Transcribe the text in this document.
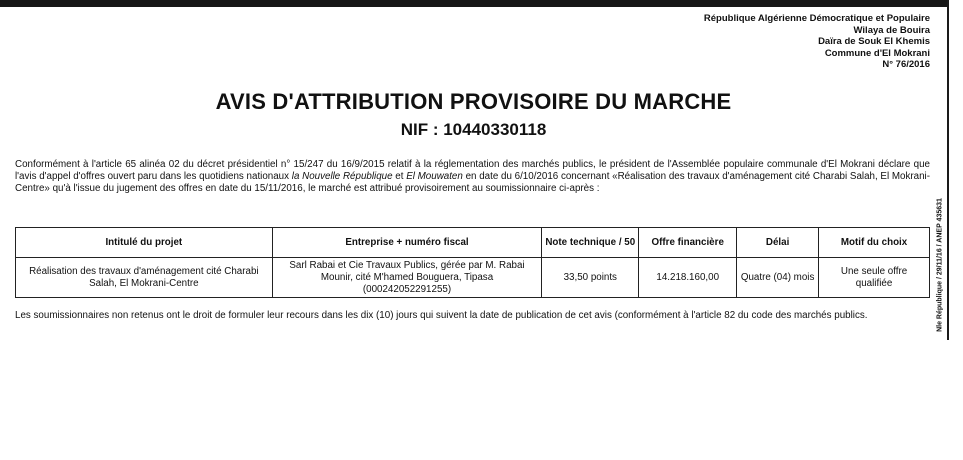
République Algérienne Démocratique et Populaire
Wilaya de Bouira
Daïra de Souk El Khemis
Commune d'El Mokrani
N° 76/2016
AVIS D'ATTRIBUTION PROVISOIRE DU MARCHE
NIF : 10440330118
Conformément à l'article 65 alinéa 02 du décret présidentiel n° 15/247 du 16/9/2015 relatif à la réglementation des marchés publics, le président de l'Assemblée populaire communale d'El Mokrani déclare que l'avis d'appel d'offres ouvert paru dans les quotidiens nationaux la Nouvelle République et El Mouwaten en date du 6/10/2016 concernant «Réalisation des travaux d'aménagement cité Charabi Salah, El Mokrani-Centre» qu'à l'issue du jugement des offres en date du 15/11/2016, le marché est attribué provisoirement au soumissionnaire ci-après :
Intitulé du projet	Entreprise + numéro fiscal	Note technique / 50	Offre financière	Délai	Motif du choix
Réalisation des travaux d'aménagement cité Charabi Salah, El Mokrani-Centre	Sarl Rabai et Cie Travaux Publics, gérée par M. Rabai Mounir, cité M'hamed Bouguera, Tipasa (000242052291255)	33,50 points	14.218.160,00	Quatre (04) mois	Une seule offre qualifiée
Les soumissionnaires non retenus ont le droit de formuler leur recours dans les dix (10) jours qui suivent la date de publication de cet avis (conformément à l'article 82 du code des marchés publics.	Nle République / 29/11/16 / ANEP 435631
